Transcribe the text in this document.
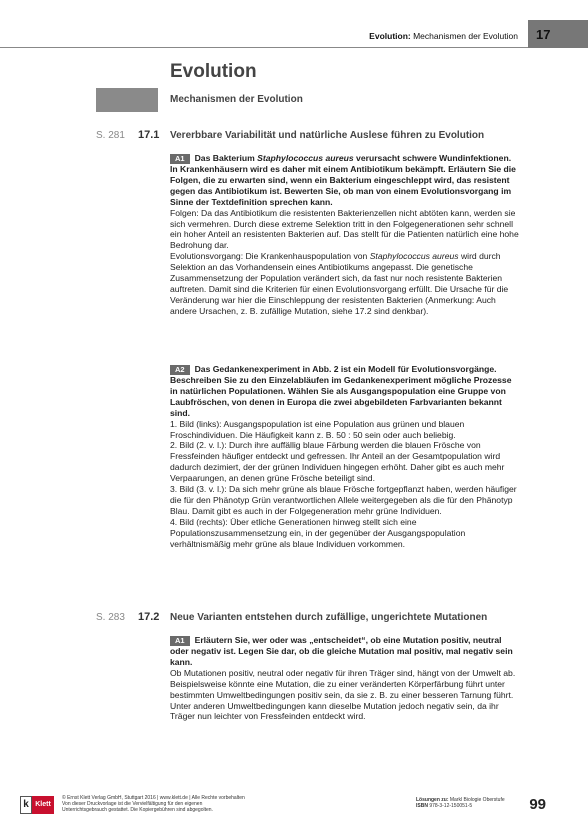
Evolution: Mechanismen der Evolution 17
Evolution
Mechanismen der Evolution
S. 281 17.1 Vererbbare Variabilität und natürliche Auslese führen zu Evolution

A1 Das Bakterium Staphylococcus aureus verursacht schwere Wundinfektionen. In Krankenhäusern wird es daher mit einem Antibiotikum bekämpft. Erläutern Sie die Folgen, die zu erwarten sind, wenn ein Bakterium eingeschleppt wird, das resistent gegen das Antibiotikum ist. Bewerten Sie, ob man von einem Evolutionsvorgang im Sinne der Textdefinition sprechen kann.

Folgen: Da das Antibiotikum die resistenten Bakterienzellen nicht abtöten kann, werden sie sich vermehren. Durch diese extreme Selektion tritt in den Folgegenerationen sehr schnell ein hoher Anteil an resistenten Bakterien auf. Das stellt für die Patienten natürlich eine hohe Bedrohung dar.

Evolutionsvorgang: Die Krankenhauspopulation von Staphylococcus aureus wird durch Selektion an das Vorhandensein eines Antibiotikums angepasst. Die genetische Zusammensetzung der Population verändert sich, da fast nur noch resistente Bakterien auftreten. Damit sind die Kriterien für einen Evolutionsvorgang erfüllt. Die Ursache für die Veränderung war hier die Einschleppung der resistenten Bakterien (Anmerkung: Auch andere Ursachen, z. B. zufällige Mutation, siehe 17.2 sind denkbar).

A2 Das Gedankenexperiment in Abb. 2 ist ein Modell für Evolutionsvorgänge. Beschreiben Sie zu den Einzelabläufen im Gedankenexperiment mögliche Prozesse in natürlichen Populationen. Wählen Sie als Ausgangspopulation eine Gruppe von Laubfröschen, von denen in Europa die zwei abgebildeten Farbvarianten bekannt sind.

1. Bild (links): Ausgangspopulation ist eine Population aus grünen und blauen Froschindividuen. Die Häufigkeit kann z. B. 50 : 50 sein oder auch beliebig.

2. Bild (2. v. l.): Durch ihre auffällig blaue Färbung werden die blauen Frösche von Fressfeinden häufiger entdeckt und gefressen. Ihr Anteil an der Gesamtpopulation wird dadurch dezimiert, der der grünen Individuen hingegen erhöht. Daher gibt es auch mehr Verpaarungen, an denen grüne Frösche beteiligt sind.

3. Bild (3. v. l.): Da sich mehr grüne als blaue Frösche fortgepflanzt haben, werden häufiger die für den Phänotyp Grün verantwortlichen Allele weitergegeben als die für den Phänotyp Blau. Damit gibt es auch in der Folgegeneration mehr grüne Individuen.

4. Bild (rechts): Über etliche Generationen hinweg stellt sich eine Populationszusammensetzung ein, in der gegenüber der Ausgangspopulation verhältnismäßig mehr grüne als blaue Individuen vorkommen.

S. 283 17.2 Neue Varianten entstehen durch zufällige, ungerichtete Mutationen

A1 Erläutern Sie, wer oder was „entscheidet“, ob eine Mutation positiv, neutral oder negativ ist. Legen Sie dar, ob die gleiche Mutation mal positiv, mal negativ sein kann.

Ob Mutationen positiv, neutral oder negativ für ihren Träger sind, hängt von der Umwelt ab. Beispielsweise könnte eine Mutation, die zu einer veränderten Körperfärbung führt unter bestimmten Umweltbedingungen positiv sein, da sie z. B. zu einer besseren Tarnung führt. Unter anderen Umweltbedingungen kann dieselbe Mutation jedoch negativ sein, da ihr Träger nun leichter von Fressfeinden entdeckt wird.

k Klett
© Ernst Klett Verlag GmbH, Stuttgart 2016 | www.klett.de | Alle Rechte vorbehalten
Von dieser Druckvorlage ist die Vervielfältigung für den eigenen
Unterrichtsgebrauch gestattet. Die Kopiergebühren sind abgegolten.
Lösungen zu: Markl Biologie Oberstufe
ISBN 978-3-12-150051-5	99
